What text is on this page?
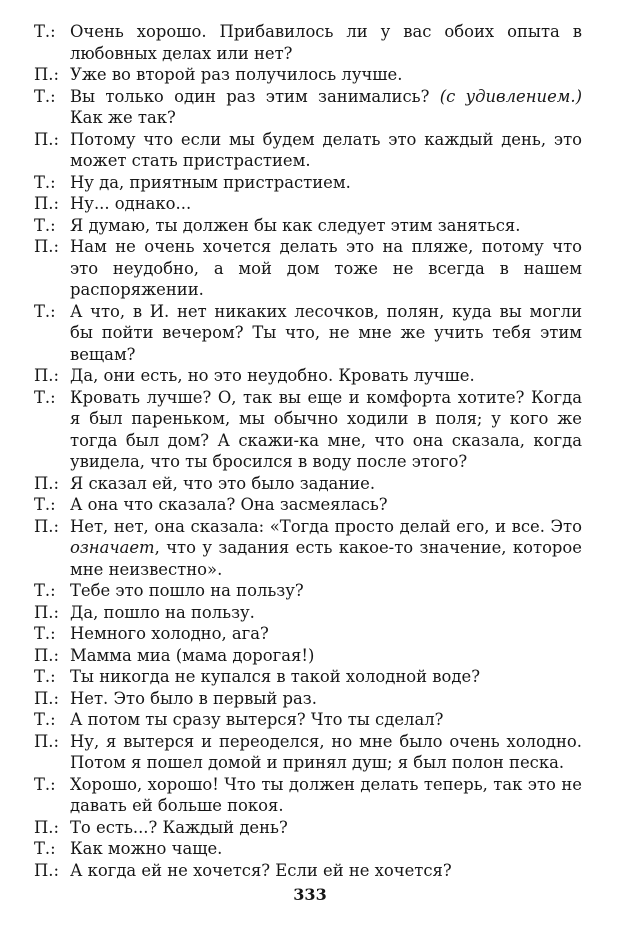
Т.: Очень хорошо. Прибавилось ли у вас обоих опыта в любовных делах или нет?
П.: Уже во второй раз получилось лучше.
Т.: Вы только один раз этим занимались? (с удивлением.) Как же так?
П.: Потому что если мы будем делать это каждый день, это может стать пристрастием.
Т.: Ну да, приятным пристрастием.
П.: Ну... однако...
Т.: Я думаю, ты должен бы как следует этим заняться.
П.: Нам не очень хочется делать это на пляже, потому что это неудобно, а мой дом тоже не всегда в нашем распоряжении.
Т.: А что, в И. нет никаких лесочков, полян, куда вы могли бы пойти вечером? Ты что, не мне же учить тебя этим вещам?
П.: Да, они есть, но это неудобно. Кровать лучше.
Т.: Кровать лучше? О, так вы еще и комфорта хотите? Когда я был пареньком, мы обычно ходили в поля; у кого же тогда был дом? А скажи-ка мне, что она сказала, когда увидела, что ты бросился в воду после этого?
П.: Я сказал ей, что это было задание.
Т.: А она что сказала? Она засмеялась?
П.: Нет, нет, она сказала: «Тогда просто делай его, и все. Это означает, что у задания есть какое-то значение, которое мне неизвестно».
Т.: Тебе это пошло на пользу?
П.: Да, пошло на пользу.
Т.: Немного холодно, ага?
П.: Мамма миа (мама дорогая!)
Т.: Ты никогда не купался в такой холодной воде?
П.: Нет. Это было в первый раз.
Т.: А потом ты сразу вытерся? Что ты сделал?
П.: Ну, я вытерся и переоделся, но мне было очень холодно. Потом я пошел домой и принял душ; я был полон песка.
Т.: Хорошо, хорошо! Что ты должен делать теперь, так это не давать ей больше покоя.
П.: То есть...? Каждый день?
Т.: Как можно чаще.
П.: А когда ей не хочется? Если ей не хочется?
333
